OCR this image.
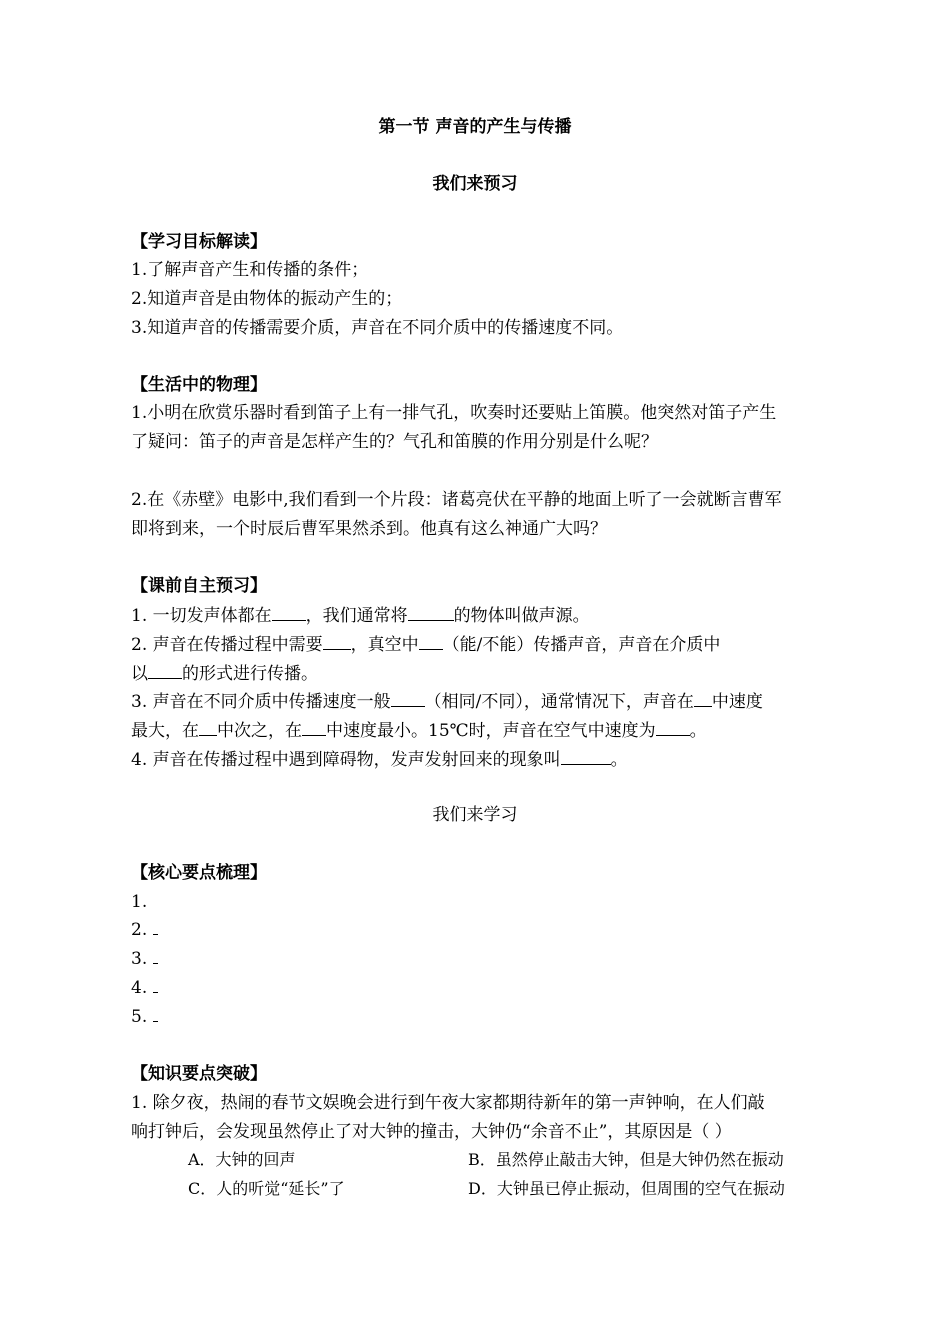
第一节 声音的产生与传播
我们来预习
【学习目标解读】
1.了解声音产生和传播的条件；
2.知道声音是由物体的振动产生的；
3.知道声音的传播需要介质，声音在不同介质中的传播速度不同。
【生活中的物理】
1.小明在欣赏乐器时看到笛子上有一排气孔，吹奏时还要贴上笛膜。他突然对笛子产生
了疑问：笛子的声音是怎样产生的？气孔和笛膜的作用分别是什么呢？
2.在《赤壁》电影中,我们看到一个片段：诸葛亮伏在平静的地面上听了一会就断言曹军
即将到来，一个时辰后曹军果然杀到。他真有这么神通广大吗？
【课前自主预习】
1. 一切发声体都在 ，我们通常将	的物体叫做声源。
2. 声音在传播过程中需要 ，真空中 （能/不能）传播声音，声音在介质中
以 的形式进行传播。
3. 声音在不同介质中传播速度一般 （相同/不同），通常情况下，声音在 中速度
最大，在 中次之，在 中速度最小。15℃时，声音在空气中速度为 。
4. 声音在传播过程中遇到障碍物，发声发射回来的现象叫	。
我们来学习
【核心要点梳理】
1.
2.
3.
4.
5.
【知识要点突破】
1. 除夕夜，热闹的春节文娱晚会进行到午夜大家都期待新年的第一声钟响，在人们敲
响打钟后，会发现虽然停止了对大钟的撞击，大钟仍“余音不止”，其原因是（ ）
A．大钟的回声	B．虽然停止敲击大钟，但是大钟仍然在振动
C．人的听觉“延长”了	D．大钟虽已停止振动，但周围的空气在振动
